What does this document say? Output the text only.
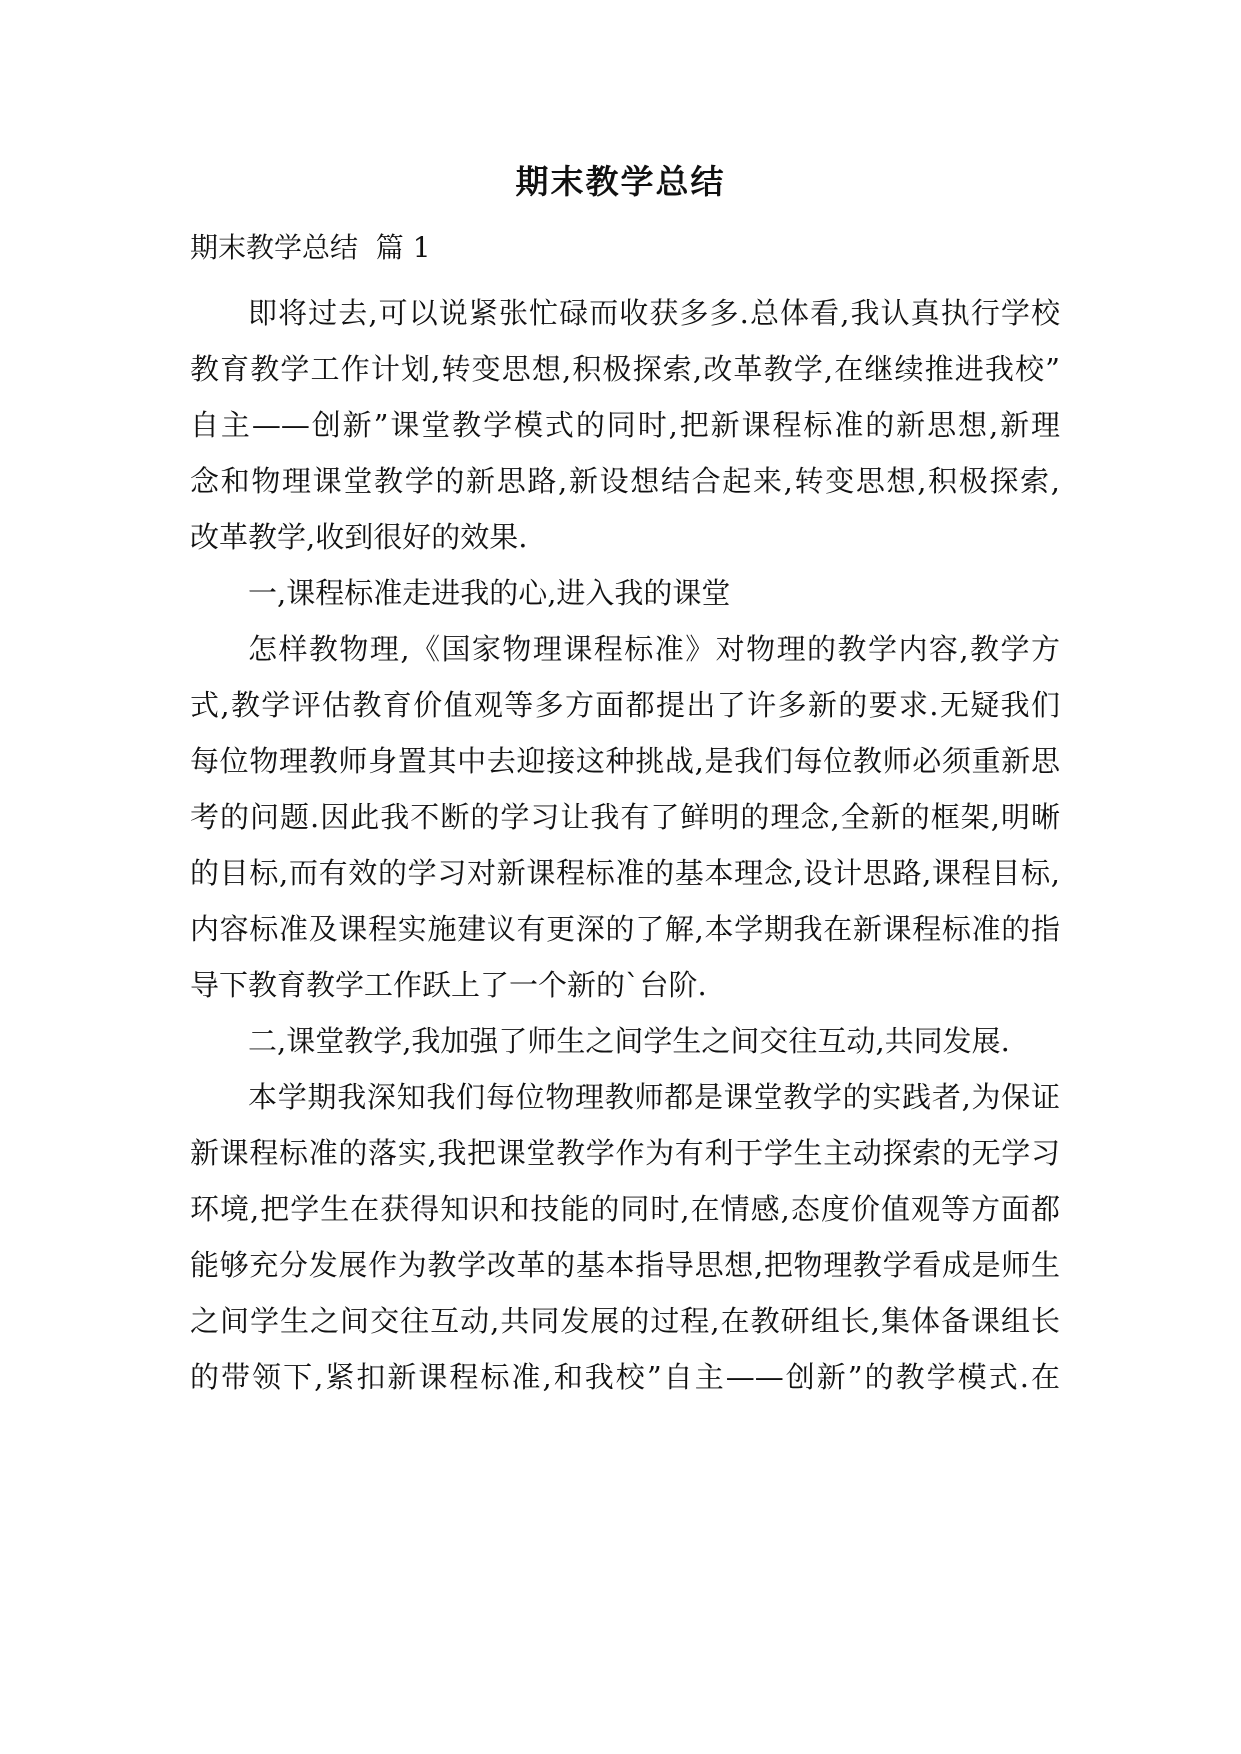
期末教学总结
期末教学总结  篇 1
即将过去,可以说紧张忙碌而收获多多.总体看,我认真执行学校
教育教学工作计划,转变思想,积极探索,改革教学,在继续推进我校”
自主——创新”课堂教学模式的同时,把新课程标准的新思想,新理
念和物理课堂教学的新思路,新设想结合起来,转变思想,积极探索,
改革教学,收到很好的效果.
一,课程标准走进我的心,进入我的课堂
怎样教物理,《国家物理课程标准》对物理的教学内容,教学方
式,教学评估教育价值观等多方面都提出了许多新的要求.无疑我们
每位物理教师身置其中去迎接这种挑战,是我们每位教师必须重新思
考的问题.因此我不断的学习让我有了鲜明的理念,全新的框架,明晰
的目标,而有效的学习对新课程标准的基本理念,设计思路,课程目标,
内容标准及课程实施建议有更深的了解,本学期我在新课程标准的指
导下教育教学工作跃上了一个新的`台阶.
二,课堂教学,我加强了师生之间学生之间交往互动,共同发展.
本学期我深知我们每位物理教师都是课堂教学的实践者,为保证
新课程标准的落实,我把课堂教学作为有利于学生主动探索的无学习
环境,把学生在获得知识和技能的同时,在情感,态度价值观等方面都
能够充分发展作为教学改革的基本指导思想,把物理教学看成是师生
之间学生之间交往互动,共同发展的过程,在教研组长,集体备课组长
的带领下,紧扣新课程标准,和我校”自主——创新”的教学模式.在
